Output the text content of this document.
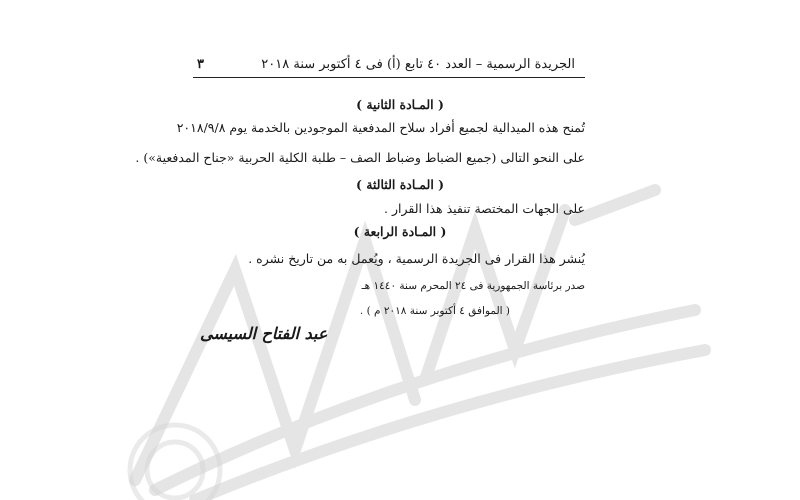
الجريدة الرسمية – العدد ٤٠ تابع (أ) فى ٤ أكتوبر سنة ٢٠١٨
٣
( المـادة الثانية )
تُمنح هذه الميدالية لجميع أفراد سلاح المدفعية الموجودين بالخدمة يوم ٢٠١٨/٩/٨
على النحو التالى (جميع الضباط وضباط الصف – طلبة الكلية الحربية «جناح المدفعية») .
( المـادة الثالثة )
على الجهات المختصة تنفيذ هذا القرار .
( المـادة الرابعة )
يُنشر هذا القرار فى الجريدة الرسمية ، ويُعمل به من تاريخ نشره .
صدر برئاسة الجمهورية فى ٢٤ المحرم سنة ١٤٤٠ هـ
( الموافق ٤ أكتوبر سنة ٢٠١٨ م ) .
عبد الفتاح السيسى
